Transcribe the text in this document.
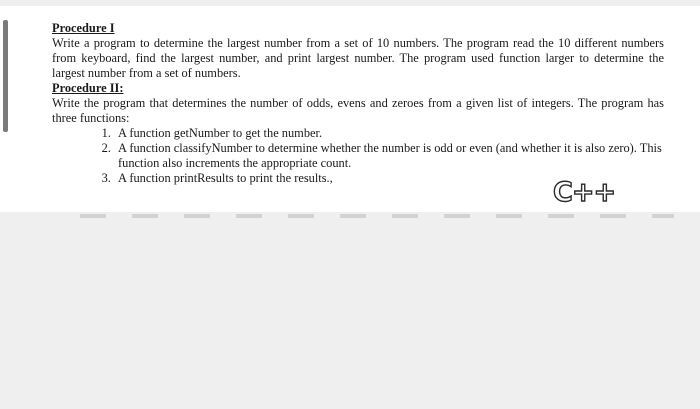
Procedure I

Write a program to determine the largest number from a set of 10 numbers. The program read the 10 different numbers from keyboard, find the largest number, and print largest number. The program used function larger to determine the largest number from a set of numbers.

Procedure II:

Write the program that determines the number of odds, evens and zeroes from a given list of integers. The program has three functions:

1. A function getNumber to get the number.
2. A function classifyNumber to determine whether the number is odd or even (and whether it is also zero). This function also increments the appropriate count.
3. A function printResults to print the results.,	C++
